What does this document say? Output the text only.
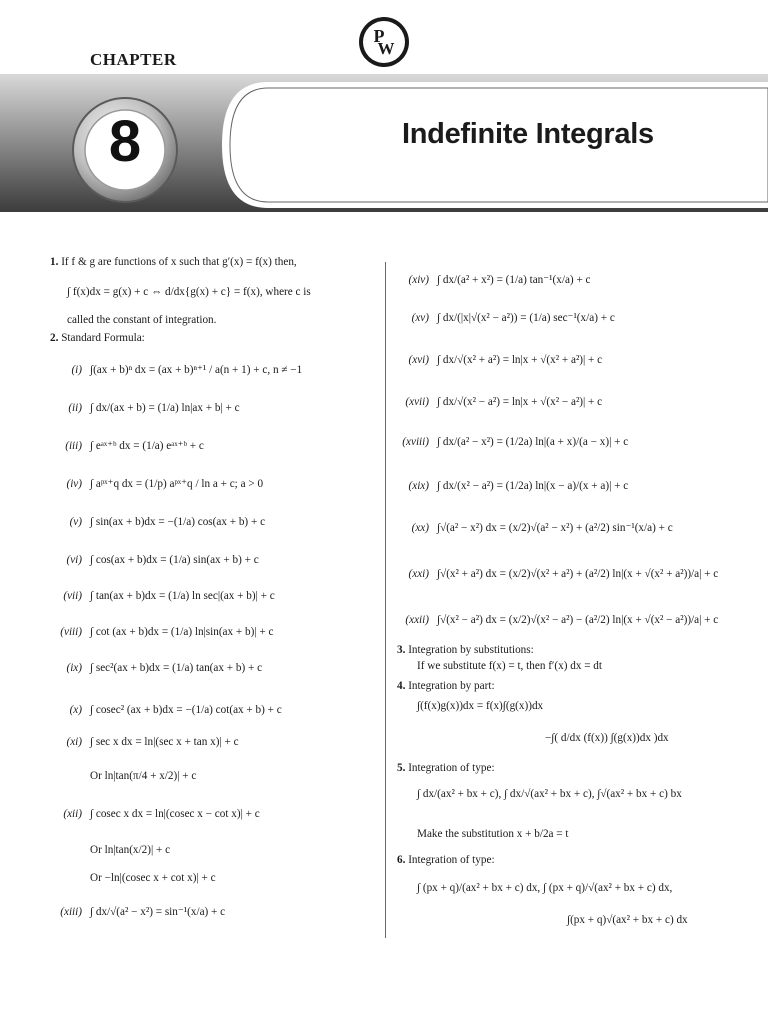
P
W
CHAPTER
8	Indefinite Integrals
1. If f & g are functions of x such that g′(x) = f(x) then,
∫ f(x)dx = g(x) + c ⇔ d/dx{g(x) + c} = f(x), where c is
called the constant of integration.
2. Standard Formula:
(i) ∫(ax + b)ⁿ dx = (ax + b)ⁿ⁺¹ / a(n + 1) + c, n ≠ −1
(ii) ∫ dx/(ax + b) = (1/a) ln|ax + b| + c
(iii) ∫ eᵃˣ⁺ᵇ dx = (1/a) eᵃˣ⁺ᵇ + c
(iv) ∫ aᵖˣ⁺q dx = (1/p) aᵖˣ⁺q / ln a + c; a > 0
(v) ∫ sin(ax + b)dx = −(1/a) cos(ax + b) + c
(vi) ∫ cos(ax + b)dx = (1/a) sin(ax + b) + c
(vii) ∫ tan(ax + b)dx = (1/a) ln sec|(ax + b)| + c
(viii) ∫ cot (ax + b)dx = (1/a) ln|sin(ax + b)| + c
(ix) ∫ sec²(ax + b)dx = (1/a) tan(ax + b) + c
(x) ∫ cosec² (ax + b)dx = −(1/a) cot(ax + b) + c
(xi) ∫ sec x dx = ln|(sec x + tan x)| + c
Or ln|tan(π/4 + x/2)| + c
(xii) ∫ cosec x dx = ln|(cosec x − cot x)| + c
Or ln|tan(x/2)| + c
Or −ln|(cosec x + cot x)| + c
(xiii) ∫ dx/√(a² − x²) = sin⁻¹(x/a) + c
(xiv) ∫ dx/(a² + x²) = (1/a) tan⁻¹(x/a) + c
(xv) ∫ dx/(|x|√(x² − a²)) = (1/a) sec⁻¹(x/a) + c
(xvi) ∫ dx/√(x² + a²) = ln|x + √(x² + a²)| + c
(xvii) ∫ dx/√(x² − a²) = ln|x + √(x² − a²)| + c
(xviii) ∫ dx/(a² − x²) = (1/2a) ln|(a + x)/(a − x)| + c
(xix) ∫ dx/(x² − a²) = (1/2a) ln|(x − a)/(x + a)| + c
(xx) ∫√(a² − x²) dx = (x/2)√(a² − x²) + (a²/2) sin⁻¹(x/a) + c
(xxi) ∫√(x² + a²) dx = (x/2)√(x² + a²) + (a²/2) ln|(x + √(x² + a²))/a| + c
(xxii) ∫√(x² − a²) dx = (x/2)√(x² − a²) − (a²/2) ln|(x + √(x² − a²))/a| + c
3. Integration by substitutions:
If we substitute f(x) = t, then f′(x) dx = dt
4. Integration by part:
∫(f(x)g(x))dx = f(x)∫(g(x))dx
−∫( d/dx (f(x)) ∫(g(x))dx )dx
5. Integration of type:
∫ dx/(ax² + bx + c), ∫ dx/√(ax² + bx + c), ∫√(ax² + bx + c) bx
Make the substitution x + b/2a = t
6. Integration of type:
∫ (px + q)/(ax² + bx + c) dx, ∫ (px + q)/√(ax² + bx + c) dx,
∫(px + q)√(ax² + bx + c) dx
